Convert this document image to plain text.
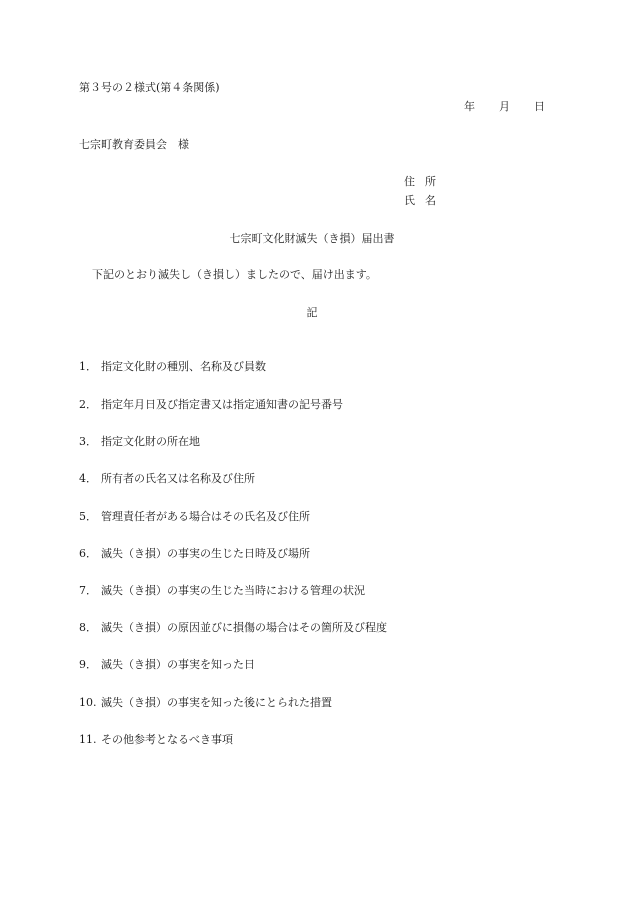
第３号の２様式(第４条関係)
年 月 日
七宗町教育委員会　様
住所
氏名
七宗町文化財滅失（き損）届出書
下記のとおり滅失し（き損し）ましたので、届け出ます。
記
1． 指定文化財の種別、名称及び員数
2． 指定年月日及び指定書又は指定通知書の記号番号
3． 指定文化財の所在地
4． 所有者の氏名又は名称及び住所
5． 管理責任者がある場合はその氏名及び住所
6． 滅失（き損）の事実の生じた日時及び場所
7． 滅失（き損）の事実の生じた当時における管理の状況
8． 滅失（き損）の原因並びに損傷の場合はその箇所及び程度
9． 滅失（き損）の事実を知った日
10. 滅失（き損）の事実を知った後にとられた措置
11. その他参考となるべき事項
